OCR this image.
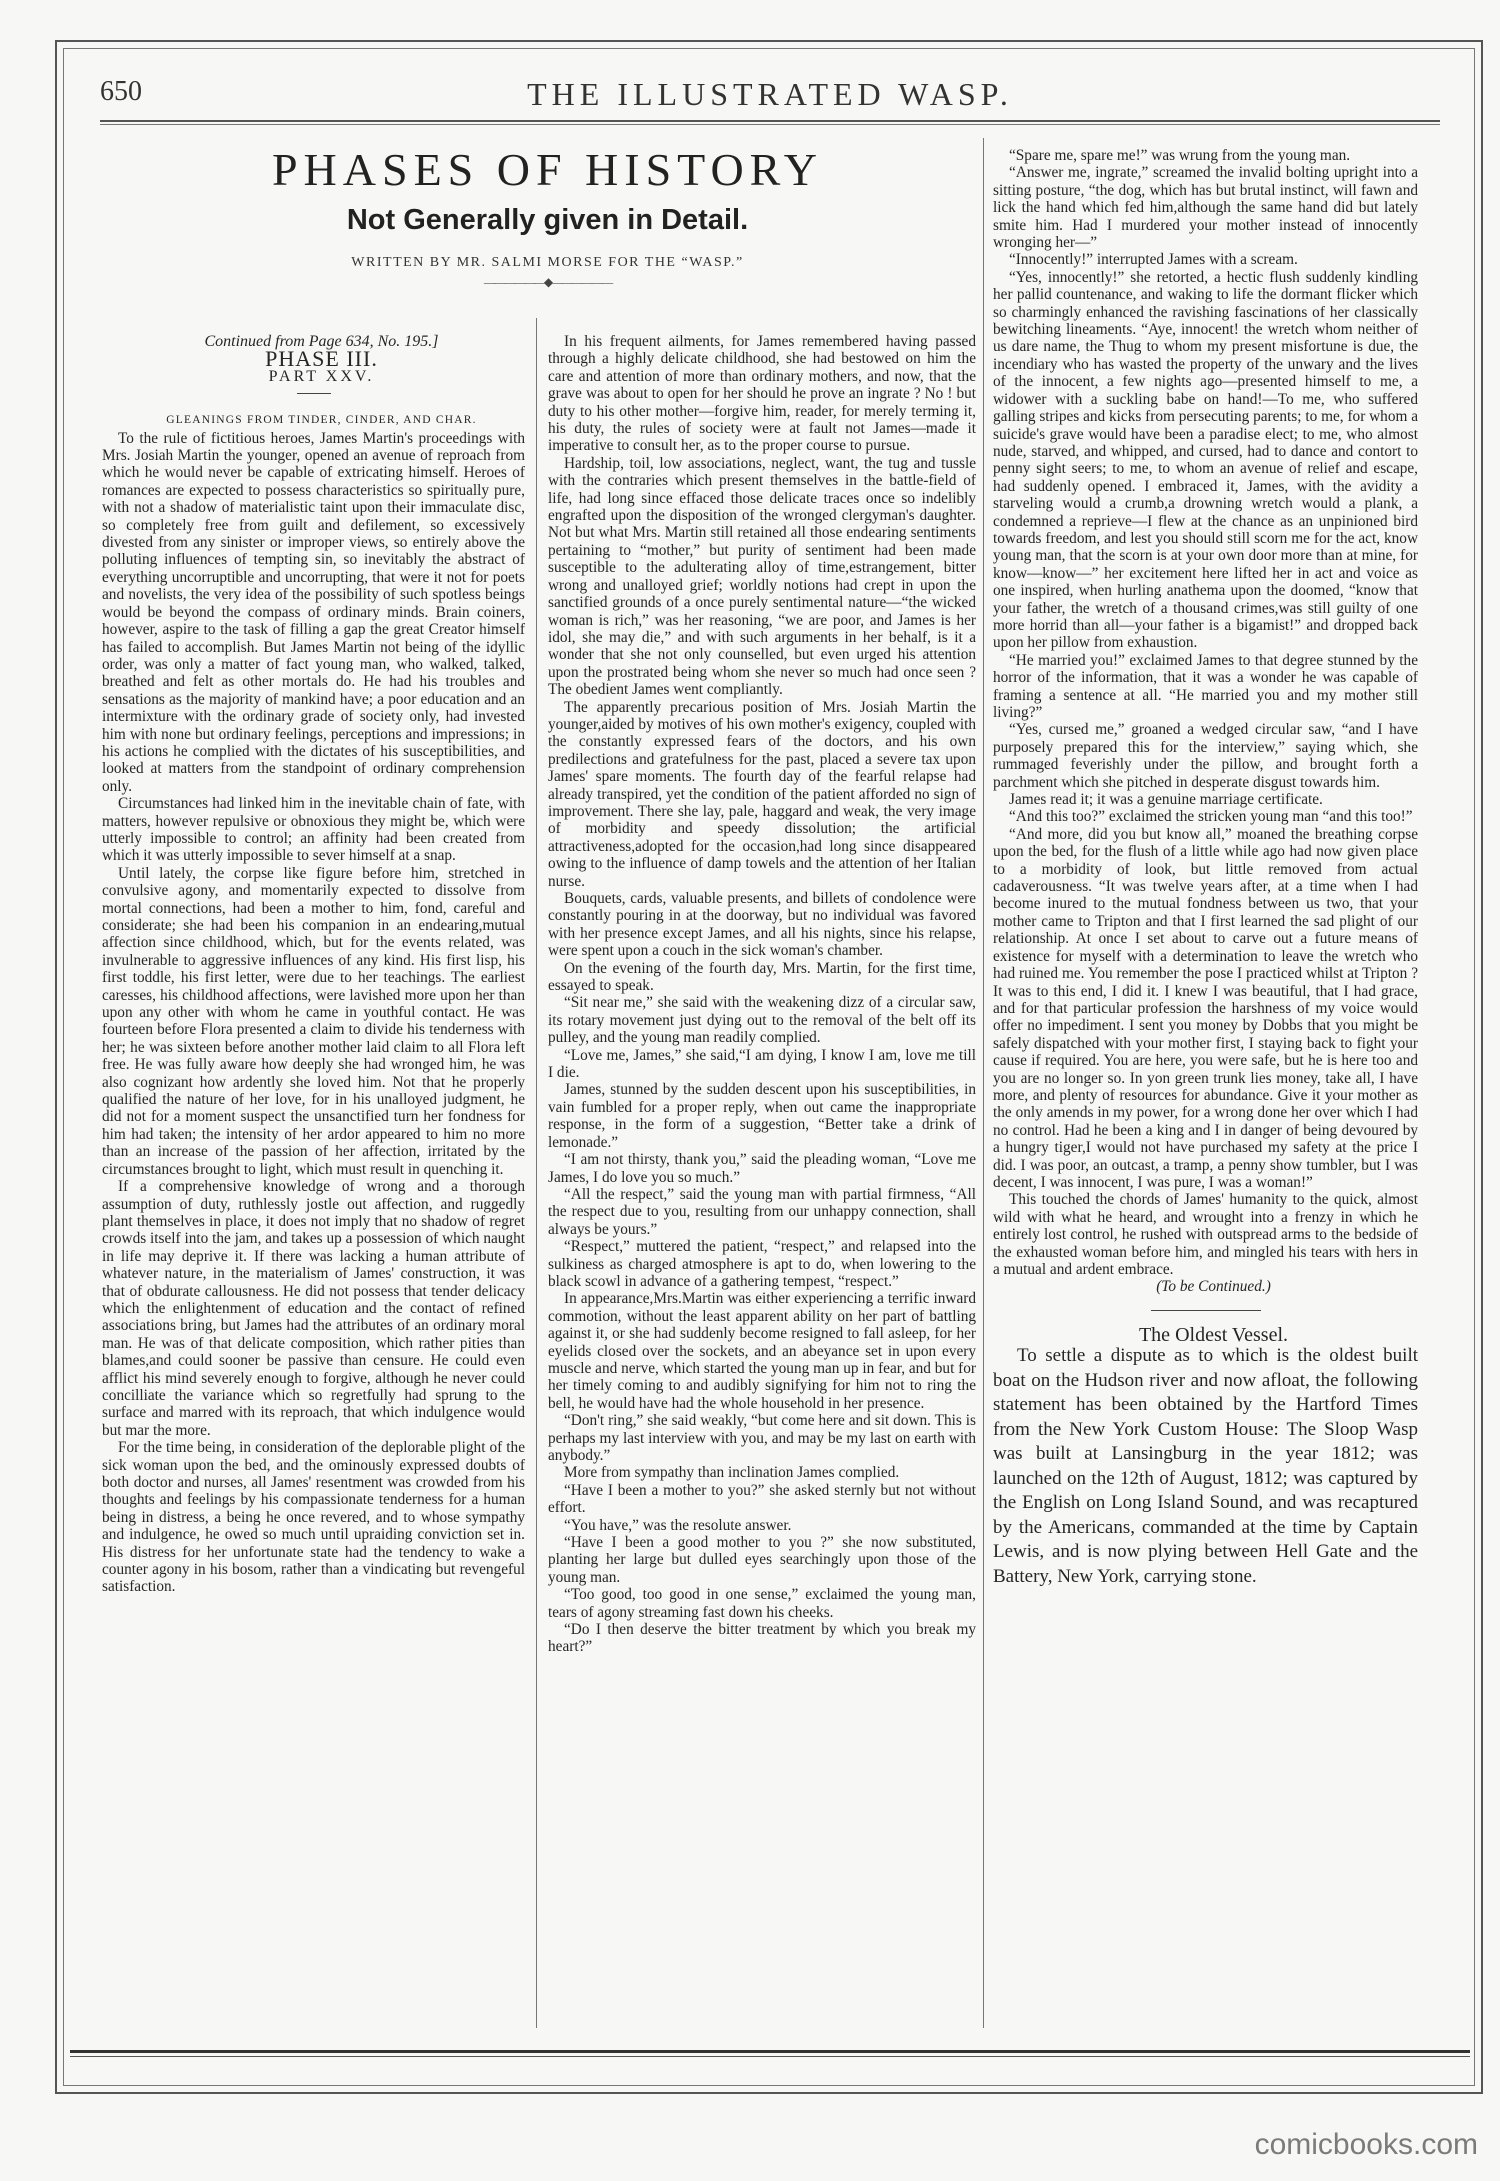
650	THE ILLUSTRATED WASP.
PHASES OF HISTORY
Not Generally given in Detail.
WRITTEN BY MR. SALMI MORSE FOR THE “WASP.”
——————◆——————

Continued from Page 634, No. 195.]

PHASE III.

PART XXV.

GLEANINGS FROM TINDER, CINDER, AND CHAR.

To the rule of fictitious heroes, James Martin's proceedings with Mrs. Josiah Martin the younger, opened an avenue of reproach from which he would never be capable of extricating himself. Heroes of romances are expected to possess characteristics so spiritually pure, with not a shadow of materialistic taint upon their immaculate disc, so completely free from guilt and defilement, so excessively divested from any sinister or improper views, so entirely above the polluting influences of tempting sin, so inevitably the abstract of everything uncorruptible and uncorrupting, that were it not for poets and novelists, the very idea of the possibility of such spotless beings would be beyond the compass of ordinary minds. Brain coiners, however, aspire to the task of filling a gap the great Creator himself has failed to accomplish. But James Martin not being of the idyllic order, was only a matter of fact young man, who walked, talked, breathed and felt as other mortals do. He had his troubles and sensations as the majority of mankind have; a poor education and an intermixture with the ordinary grade of society only, had invested him with none but ordinary feelings, perceptions and impressions; in his actions he complied with the dictates of his susceptibilities, and looked at matters from the standpoint of ordinary comprehension only.

Circumstances had linked him in the inevitable chain of fate, with matters, however repulsive or obnoxious they might be, which were utterly impossible to control; an affinity had been created from which it was utterly impossible to sever himself at a snap.

Until lately, the corpse like figure before him, stretched in convulsive agony, and momentarily expected to dissolve from mortal connections, had been a mother to him, fond, careful and considerate; she had been his companion in an endearing,mutual affection since childhood, which, but for the events related, was invulnerable to aggressive influences of any kind. His first lisp, his first toddle, his first letter, were due to her teachings. The earliest caresses, his childhood affections, were lavished more upon her than upon any other with whom he came in youthful contact. He was fourteen before Flora presented a claim to divide his tenderness with her; he was sixteen before another mother laid claim to all Flora left free. He was fully aware how deeply she had wronged him, he was also cognizant how ardently she loved him. Not that he properly qualified the nature of her love, for in his unalloyed judgment, he did not for a moment suspect the unsanctified turn her fondness for him had taken; the intensity of her ardor appeared to him no more than an increase of the passion of her affection, irritated by the circumstances brought to light, which must result in quenching it.

If a comprehensive knowledge of wrong and a thorough assumption of duty, ruthlessly jostle out affection, and ruggedly plant themselves in place, it does not imply that no shadow of regret crowds itself into the jam, and takes up a possession of which naught in life may deprive it. If there was lacking a human attribute of whatever nature, in the materialism of James' construction, it was that of obdurate callousness. He did not possess that tender delicacy which the enlightenment of education and the contact of refined associations bring, but James had the attributes of an ordinary moral man. He was of that delicate composition, which rather pities than blames,and could sooner be passive than censure. He could even afflict his mind severely enough to forgive, although he never could concilliate the variance which so regretfully had sprung to the surface and marred with its reproach, that which indulgence would but mar the more.

For the time being, in consideration of the deplorable plight of the sick woman upon the bed, and the ominously expressed doubts of both doctor and nurses, all James' resentment was crowded from his thoughts and feelings by his compassionate tenderness for a human being in distress, a being he once revered, and to whose sympathy and indulgence, he owed so much until upraiding conviction set in. His distress for her unfortunate state had the tendency to wake a counter agony in his bosom, rather than a vindicating but revengeful satisfaction.

In his frequent ailments, for James remembered having passed through a highly delicate childhood, she had bestowed on him the care and attention of more than ordinary mothers, and now, that the grave was about to open for her should he prove an ingrate ? No ! but duty to his other mother—forgive him, reader, for merely terming it, his duty, the rules of society were at fault not James—made it imperative to consult her, as to the proper course to pursue.

Hardship, toil, low associations, neglect, want, the tug and tussle with the contraries which present themselves in the battle-field of life, had long since effaced those delicate traces once so indelibly engrafted upon the disposition of the wronged clergyman's daughter. Not but what Mrs. Martin still retained all those endearing sentiments pertaining to “mother,” but purity of sentiment had been made susceptible to the adulterating alloy of time,estrangement, bitter wrong and unalloyed grief; worldly notions had crept in upon the sanctified grounds of a once purely sentimental nature—“the wicked woman is rich,” was her reasoning, “we are poor, and James is her idol, she may die,” and with such arguments in her behalf, is it a wonder that she not only counselled, but even urged his attention upon the prostrated being whom she never so much had once seen ? The obedient James went compliantly.

The apparently precarious position of Mrs. Josiah Martin the younger,aided by motives of his own mother's exigency, coupled with the constantly expressed fears of the doctors, and his own predilections and gratefulness for the past, placed a severe tax upon James' spare moments. The fourth day of the fearful relapse had already transpired, yet the condition of the patient afforded no sign of improvement. There she lay, pale, haggard and weak, the very image of morbidity and speedy dissolution; the artificial attractiveness,adopted for the occasion,had long since disappeared owing to the influence of damp towels and the attention of her Italian nurse.

Bouquets, cards, valuable presents, and billets of condolence were constantly pouring in at the doorway, but no individual was favored with her presence except James, and all his nights, since his relapse, were spent upon a couch in the sick woman's chamber.

On the evening of the fourth day, Mrs. Martin, for the first time, essayed to speak.

“Sit near me,” she said with the weakening dizz of a circular saw, its rotary movement just dying out to the removal of the belt off its pulley, and the young man readily complied.

“Love me, James,” she said,“I am dying, I know I am, love me till I die.

James, stunned by the sudden descent upon his susceptibilities, in vain fumbled for a proper reply, when out came the inappropriate response, in the form of a suggestion, “Better take a drink of lemonade.”

“I am not thirsty, thank you,” said the pleading woman, “Love me James, I do love you so much.”

“All the respect,” said the young man with partial firmness, “All the respect due to you, resulting from our unhappy connection, shall always be yours.”

“Respect,” muttered the patient, “respect,” and relapsed into the sulkiness as charged atmosphere is apt to do, when lowering to the black scowl in advance of a gathering tempest, “respect.”

In appearance,Mrs.Martin was either experiencing a terrific inward commotion, without the least apparent ability on her part of battling against it, or she had suddenly become resigned to fall asleep, for her eyelids closed over the sockets, and an abeyance set in upon every muscle and nerve, which started the young man up in fear, and but for her timely coming to and audibly signifying for him not to ring the bell, he would have had the whole household in her presence.

“Don't ring,” she said weakly, “but come here and sit down. This is perhaps my last interview with you, and may be my last on earth with anybody.”

More from sympathy than inclination James complied.

“Have I been a mother to you?” she asked sternly but not without effort.

“You have,” was the resolute answer.

“Have I been a good mother to you ?” she now substituted, planting her large but dulled eyes searchingly upon those of the young man.

“Too good, too good in one sense,” exclaimed the young man, tears of agony streaming fast down his cheeks.

“Do I then deserve the bitter treatment by which you break my heart?”

“Spare me, spare me!” was wrung from the young man.

“Answer me, ingrate,” screamed the invalid bolting upright into a sitting posture, “the dog, which has but brutal instinct, will fawn and lick the hand which fed him,although the same hand did but lately smite him. Had I murdered your mother instead of innocently wronging her—”

“Innocently!” interrupted James with a scream.

“Yes, innocently!” she retorted, a hectic flush suddenly kindling her pallid countenance, and waking to life the dormant flicker which so charmingly enhanced the ravishing fascinations of her classically bewitching lineaments. “Aye, innocent! the wretch whom neither of us dare name, the Thug to whom my present misfortune is due, the incendiary who has wasted the property of the unwary and the lives of the innocent, a few nights ago—presented himself to me, a widower with a suckling babe on hand!—To me, who suffered galling stripes and kicks from persecuting parents; to me, for whom a suicide's grave would have been a paradise elect; to me, who almost nude, starved, and whipped, and cursed, had to dance and contort to penny sight seers; to me, to whom an avenue of relief and escape, had suddenly opened. I embraced it, James, with the avidity a starveling would a crumb,a drowning wretch would a plank, a condemned a reprieve—I flew at the chance as an unpinioned bird towards freedom, and lest you should still scorn me for the act, know young man, that the scorn is at your own door more than at mine, for know—know—” her excitement here lifted her in act and voice as one inspired, when hurling anathema upon the doomed, “know that your father, the wretch of a thousand crimes,was still guilty of one more horrid than all—your father is a bigamist!” and dropped back upon her pillow from exhaustion.

“He married you!” exclaimed James to that degree stunned by the horror of the information, that it was a wonder he was capable of framing a sentence at all. “He married you and my mother still living?”

“Yes, cursed me,” groaned a wedged circular saw, “and I have purposely prepared this for the interview,” saying which, she rummaged feverishly under the pillow, and brought forth a parchment which she pitched in desperate disgust towards him.

James read it; it was a genuine marriage certificate.

“And this too?” exclaimed the stricken young man “and this too!”

“And more, did you but know all,” moaned the breathing corpse upon the bed, for the flush of a little while ago had now given place to a morbidity of look, but little removed from actual cadaverousness. “It was twelve years after, at a time when I had become inured to the mutual fondness between us two, that your mother came to Tripton and that I first learned the sad plight of our relationship. At once I set about to carve out a future means of existence for myself with a determination to leave the wretch who had ruined me. You remember the pose I practiced whilst at Tripton ? It was to this end, I did it. I knew I was beautiful, that I had grace, and for that particular profession the harshness of my voice would offer no impediment. I sent you money by Dobbs that you might be safely dispatched with your mother first, I staying back to fight your cause if required. You are here, you were safe, but he is here too and you are no longer so. In yon green trunk lies money, take all, I have more, and plenty of resources for abundance. Give it your mother as the only amends in my power, for a wrong done her over which I had no control. Had he been a king and I in danger of being devoured by a hungry tiger,I would not have purchased my safety at the price I did. I was poor, an outcast, a tramp, a penny show tumbler, but I was decent, I was innocent, I was pure, I was a woman!”

This touched the chords of James' humanity to the quick, almost wild with what he heard, and wrought into a frenzy in which he entirely lost control, he rushed with outspread arms to the bedside of the exhausted woman before him, and mingled his tears with hers in a mutual and ardent embrace.

(To be Continued.)

The Oldest Vessel.

To settle a dispute as to which is the oldest built boat on the Hudson river and now afloat, the following statement has been obtained by the Hartford Times from the New York Custom House: The Sloop Wasp was built at Lansingburg in the year 1812; was launched on the 12th of August, 1812; was captured by the English on Long Island Sound, and was recaptured by the Americans, commanded at the time by Captain Lewis, and is now plying between Hell Gate and the Battery, New York, carrying stone.

comicbooks.com
